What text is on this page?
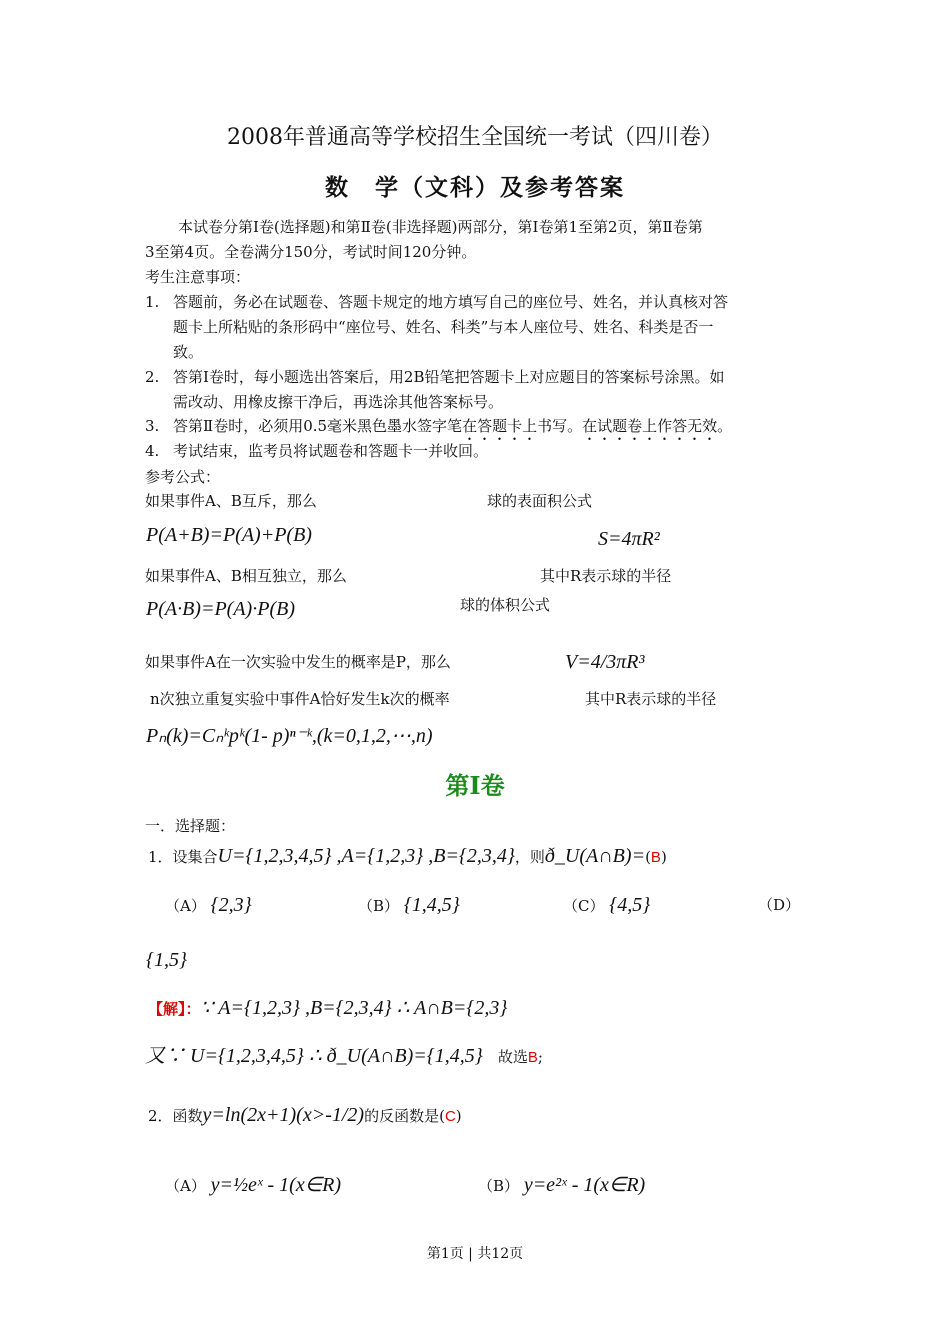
2008年普通高等学校招生全国统一考试（四川卷）
数　学（文科）及参考答案
本试卷分第Ⅰ卷(选择题)和第Ⅱ卷(非选择题)两部分，第Ⅰ卷第1至第2页，第Ⅱ卷第
3至第4页。全卷满分150分，考试时间120分钟。
考生注意事项：
1. 答题前，务必在试题卷、答题卡规定的地方填写自己的座位号、姓名，并认真核对答
题卡上所粘贴的条形码中“座位号、姓名、科类”与本人座位号、姓名、科类是否一
致。
2. 答第Ⅰ卷时，每小题选出答案后，用2B铅笔把答题卡上对应题目的答案标号涂黑。如
需改动、用橡皮擦干净后，再选涂其他答案标号。
3. 答第Ⅱ卷时，必须用0.5毫米黑色墨水签字笔在答题卡上书写。在试题卷上作答无效。
4. 考试结束，监考员将试题卷和答题卡一并收回。
参考公式：
如果事件A、B互斥，那么	球的表面积公式
P(A+B)=P(A)+P(B)	S=4πR²
如果事件A、B相互独立，那么	其中R表示球的半径
P(A·B)=P(A)·P(B)	球的体积公式
如果事件A在一次实验中发生的概率是P，那么	V=4/3πR³
n次独立重复实验中事件A恰好发生k次的概率	其中R表示球的半径
Pₙ(k)=Cₙᵏpᵏ(1- p)ⁿ⁻ᵏ,(k=0,1,2,⋯,n)
第Ⅰ卷
一．选择题：
1．设集合U={1,2,3,4,5} ,A={1,2,3} ,B={2,3,4}，则ð_U(A∩B)=(B)
（A） {2,3}	（B） {1,4,5}	（C） {4,5}	（D）
{1,5}
【解】：∵ A={1,2,3} ,B={2,3,4} ∴ A∩B={2,3}
又∵ U={1,2,3,4,5} ∴ ð_U(A∩B)={1,4,5}　 故选B;
2．函数y=ln(2x+1)(x>-1/2)的反函数是(C)
（A） y=½eˣ - 1(x∈R)	（B） y=e²ˣ - 1(x∈R)
第1页 | 共12页
